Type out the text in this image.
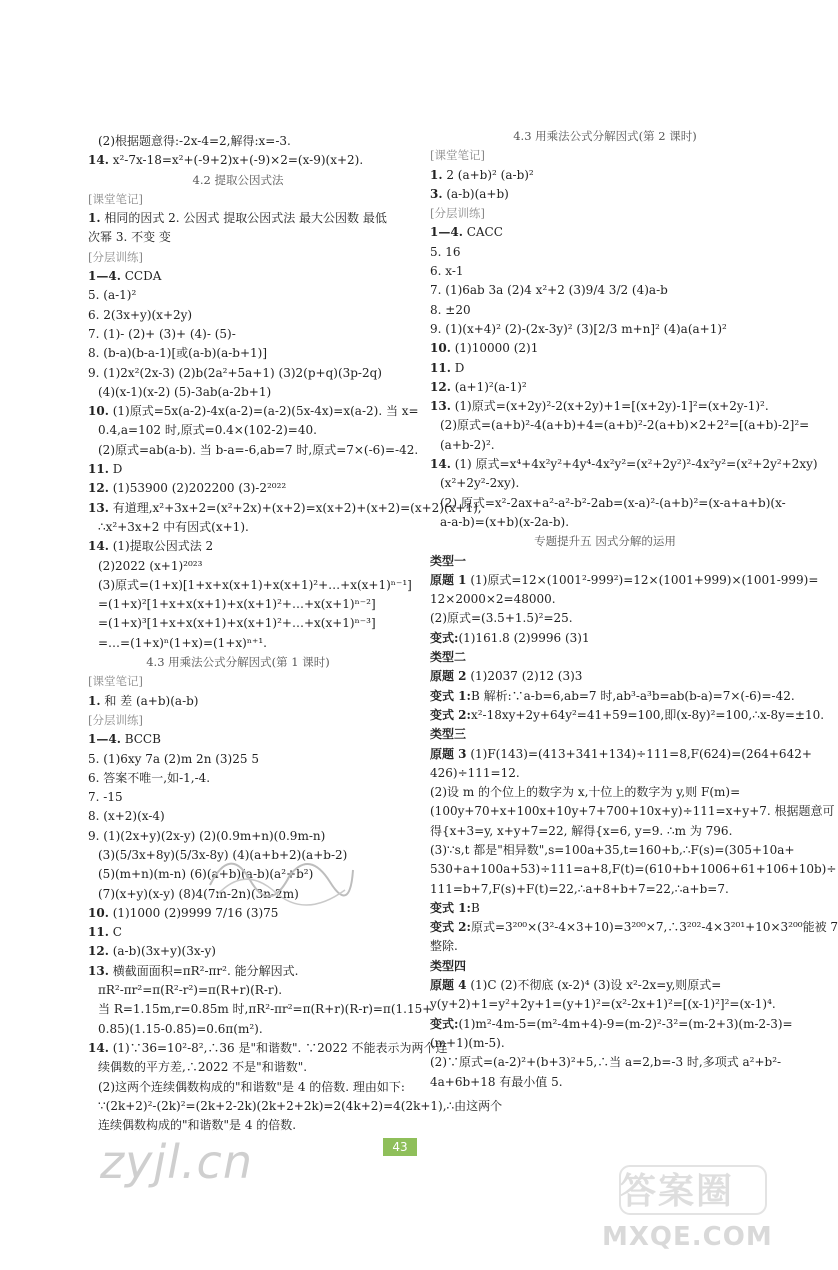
(2)根据题意得:-2x-4=2,解得:x=-3.
14. x²-7x-18=x²+(-9+2)x+(-9)×2=(x-9)(x+2).
4.2 提取公因式法
[课堂笔记]
1. 相同的因式 2. 公因式 提取公因式法 最大公因数 最低
次幂 3. 不变 变
[分层训练]
1—4. CCDA
5. (a-1)²
6. 2(3x+y)(x+2y)
7. (1)- (2)+ (3)+ (4)- (5)-
8. (b-a)(b-a-1)[或(a-b)(a-b+1)]
9. (1)2x²(2x-3) (2)b(2a²+5a+1) (3)2(p+q)(3p-2q)
(4)(x-1)(x-2) (5)-3ab(a-2b+1)
10. (1)原式=5x(a-2)-4x(a-2)=(a-2)(5x-4x)=x(a-2). 当 x=
0.4,a=102 时,原式=0.4×(102-2)=40.
(2)原式=ab(a-b). 当 b-a=-6,ab=7 时,原式=7×(-6)=-42.
11. D
12. (1)53900 (2)202200 (3)-2²⁰²²
13. 有道理,x²+3x+2=(x²+2x)+(x+2)=x(x+2)+(x+2)=(x+2)(x+1),
∴x²+3x+2 中有因式(x+1).
14. (1)提取公因式法 2
(2)2022 (x+1)²⁰²³
(3)原式=(1+x)[1+x+x(x+1)+x(x+1)²+…+x(x+1)ⁿ⁻¹]
=(1+x)²[1+x+x(x+1)+x(x+1)²+…+x(x+1)ⁿ⁻²]
=(1+x)³[1+x+x(x+1)+x(x+1)²+…+x(x+1)ⁿ⁻³]
=…=(1+x)ⁿ(1+x)=(1+x)ⁿ⁺¹.
4.3 用乘法公式分解因式(第 1 课时)
[课堂笔记]
1. 和 差 (a+b)(a-b)
[分层训练]
1—4. BCCB
5. (1)6xy 7a (2)m 2n (3)25 5
6. 答案不唯一,如-1,-4.
7. -15
8. (x+2)(x-4)
9. (1)(2x+y)(2x-y) (2)(0.9m+n)(0.9m-n)
(3)(5/3x+8y)(5/3x-8y) (4)(a+b+2)(a+b-2)
(5)(m+n)(m-n) (6)(a+b)(a-b)(a²+b²)
(7)(x+y)(x-y) (8)4(7m-2n)(3n-2m)
10. (1)1000 (2)9999 7/16 (3)75
11. C
12. (a-b)(3x+y)(3x-y)
13. 横截面面积=πR²-πr². 能分解因式.
πR²-πr²=π(R²-r²)=π(R+r)(R-r).
当 R=1.15m,r=0.85m 时,πR²-πr²=π(R+r)(R-r)=π(1.15+
0.85)(1.15-0.85)=0.6π(m²).
14. (1)∵36=10²-8²,∴36 是"和谐数". ∵2022 不能表示为两个连
续偶数的平方差,∴2022 不是"和谐数".
(2)这两个连续偶数构成的"和谐数"是 4 的倍数. 理由如下:
∵(2k+2)²-(2k)²=(2k+2-2k)(2k+2+2k)=2(4k+2)=4(2k+1),∴由这两个
连续偶数构成的"和谐数"是 4 的倍数.
4.3 用乘法公式分解因式(第 2 课时)
[课堂笔记]
1. 2 (a+b)² (a-b)²
3. (a-b)(a+b)
[分层训练]
1—4. CACC
5. 16
6. x-1
7. (1)6ab 3a (2)4 x²+2 (3)9/4 3/2 (4)a-b
8. ±20
9. (1)(x+4)² (2)-(2x-3y)² (3)[2/3 m+n]² (4)a(a+1)²
10. (1)10000 (2)1
11. D
12. (a+1)²(a-1)²
13. (1)原式=(x+2y)²-2(x+2y)+1=[(x+2y)-1]²=(x+2y-1)².
(2)原式=(a+b)²-4(a+b)+4=(a+b)²-2(a+b)×2+2²=[(a+b)-2]²=
(a+b-2)².
14. (1) 原式=x⁴+4x²y²+4y⁴-4x²y²=(x²+2y²)²-4x²y²=(x²+2y²+2xy)
(x²+2y²-2xy).
(2) 原式=x²-2ax+a²-a²-b²-2ab=(x-a)²-(a+b)²=(x-a+a+b)(x-
a-a-b)=(x+b)(x-2a-b).
专题提升五 因式分解的运用
类型一
原题 1 (1)原式=12×(1001²-999²)=12×(1001+999)×(1001-999)=
12×2000×2=48000.
(2)原式=(3.5+1.5)²=25.
变式:(1)161.8 (2)9996 (3)1
类型二
原题 2 (1)2037 (2)12 (3)3
变式 1:B 解析:∵a-b=6,ab=7 时,ab³-a³b=ab(b-a)=7×(-6)=-42.
变式 2:x²-18xy+2y+64y²=41+59=100,即(x-8y)²=100,∴x-8y=±10.
类型三
原题 3 (1)F(143)=(413+341+134)÷111=8,F(624)=(264+642+
426)÷111=12.
(2)设 m 的个位上的数字为 x,十位上的数字为 y,则 F(m)=
(100y+70+x+100x+10y+7+700+10x+y)÷111=x+y+7. 根据题意可
得{x+3=y, x+y+7=22, 解得{x=6, y=9. ∴m 为 796.
(3)∵s,t 都是"相异数",s=100a+35,t=160+b,∴F(s)=(305+10a+
530+a+100a+53)÷111=a+8,F(t)=(610+b+1006+61+106+10b)÷
111=b+7,F(s)+F(t)=22,∴a+8+b+7=22,∴a+b=7.
变式 1:B
变式 2:原式=3²⁰⁰×(3²-4×3+10)=3²⁰⁰×7,∴3²⁰²-4×3²⁰¹+10×3²⁰⁰能被 7
整除.
类型四
原题 4 (1)C (2)不彻底 (x-2)⁴ (3)设 x²-2x=y,则原式=
y(y+2)+1=y²+2y+1=(y+1)²=(x²-2x+1)²=[(x-1)²]²=(x-1)⁴.
变式:(1)m²-4m-5=(m²-4m+4)-9=(m-2)²-3²=(m-2+3)(m-2-3)=
(m+1)(m-5).
(2)∵原式=(a-2)²+(b+3)²+5,∴当 a=2,b=-3 时,多项式 a²+b²-
4a+6b+18 有最小值 5.
43
zyjl.cn
答案圈
MXQE.COM
